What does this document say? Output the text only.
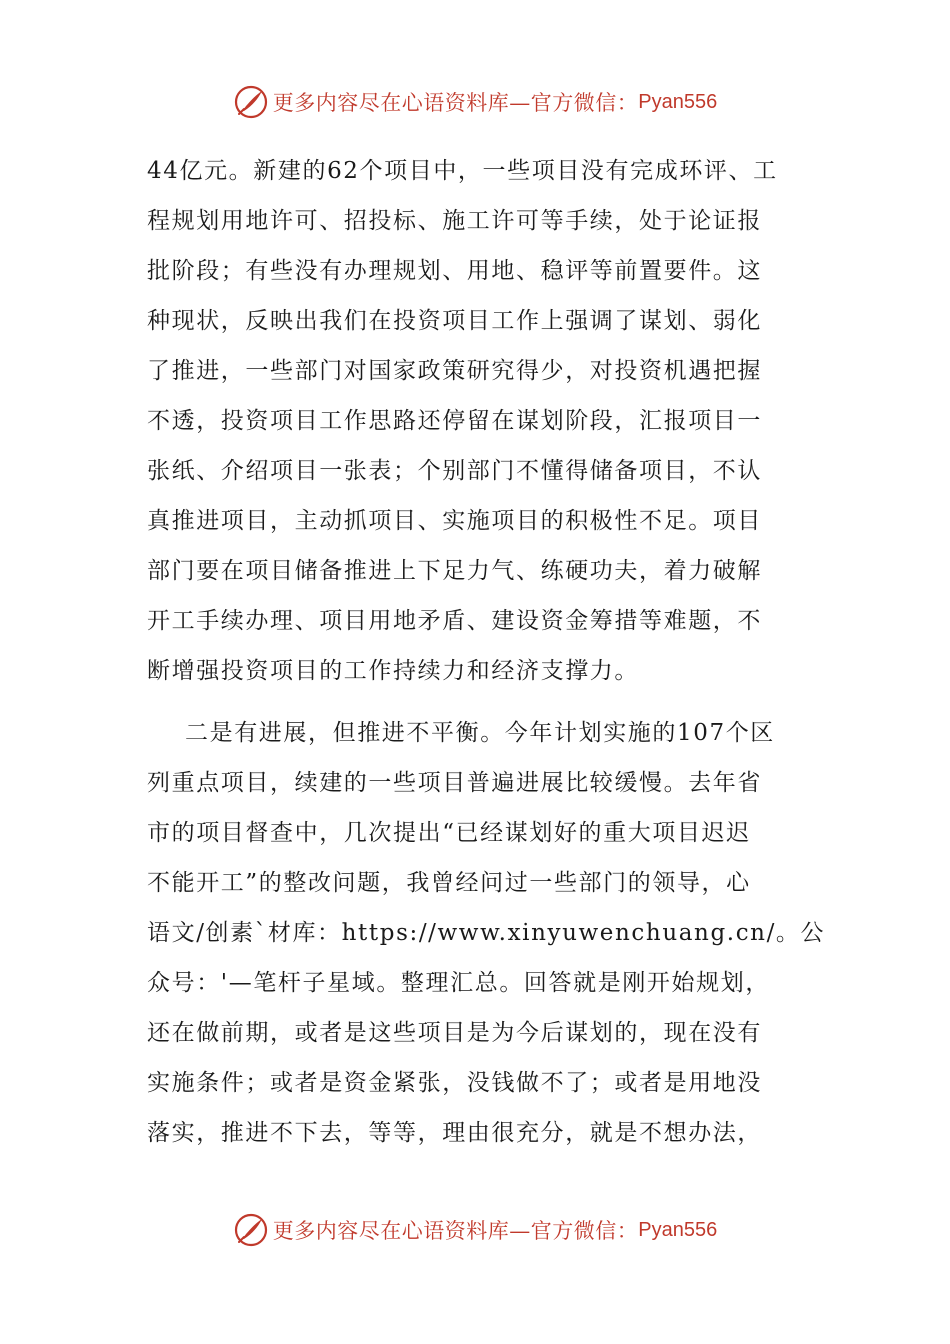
更多内容尽在心语资料库—官方微信： Pyan556
44亿元。新建的62个项目中，一些项目没有完成环评、工
程规划用地许可、招投标、施工许可等手续，处于论证报
批阶段；有些没有办理规划、用地、稳评等前置要件。这
种现状，反映出我们在投资项目工作上强调了谋划、弱化
了推进，一些部门对国家政策研究得少，对投资机遇把握
不透，投资项目工作思路还停留在谋划阶段，汇报项目一
张纸、介绍项目一张表；个别部门不懂得储备项目，不认
真推进项目，主动抓项目、实施项目的积极性不足。项目
部门要在项目储备推进上下足力气、练硬功夫，着力破解
开工手续办理、项目用地矛盾、建设资金筹措等难题，不
断增强投资项目的工作持续力和经济支撑力。
二是有进展，但推进不平衡。今年计划实施的107个区
列重点项目，续建的一些项目普遍进展比较缓慢。去年省
市的项目督查中，几次提出“已经谋划好的重大项目迟迟
不能开工”的整改问题，我曾经问过一些部门的领导，心
语文/创素`材库：https://www.xinyuwenchuang.cn/。公
众号：'—笔杆子星域。整理汇总。回答就是刚开始规划，
还在做前期，或者是这些项目是为今后谋划的，现在没有
实施条件；或者是资金紧张，没钱做不了；或者是用地没
落实，推进不下去，等等，理由很充分，就是不想办法，
更多内容尽在心语资料库—官方微信： Pyan556
